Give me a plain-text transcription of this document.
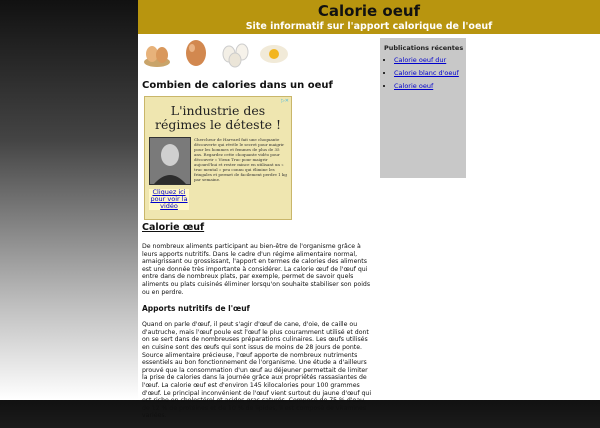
Calorie oeuf
Site informatif sur l'apport calorique de l'oeuf
Combien de calories dans un oeuf
▷✕
L'industrie des régimes le déteste !
Chercheur de Harvard fait une choquante découverte qui révèle le secret pour maigrir pour les hommes et femmes de plus de 35 ans. Regardez cette choquante vidéo pour découvrir « Vieux Truc pour maigrir aujourd'hui et rester mince en utilisant un « truc mental » peu connu qui élimine les fringales et permet de facilement perdre 1 kg par semaine.
Cliquez ici pour voir la vidéo
Calorie œuf

De nombreux aliments participant au bien-être de l'organisme grâce à leurs apports nutritifs. Dans le cadre d'un régime alimentaire normal, amaigrissant ou grossissant, l'apport en termes de calories des aliments est une donnée très importante à considérer. La calorie œuf de l'œuf qui entre dans de nombreux plats, par exemple, permet de savoir quels aliments ou plats cuisinés éliminer lorsqu'on souhaite stabiliser son poids ou en perdre.

Apports nutritifs de l'œuf

Quand on parle d'œuf, il peut s'agir d'œuf de cane, d'oie, de caille ou d'autruche, mais l'œuf poule est l'œuf le plus couramment utilisé et dont on se sert dans de nombreuses préparations culinaires. Les œufs utilisés en cuisine sont des œufs qui sont issus de moins de 28 jours de ponte. Source alimentaire précieuse, l'œuf apporte de nombreux nutriments essentiels au bon fonctionnement de l'organisme. Une étude a d'ailleurs prouvé que la consommation d'un œuf au déjeuner permettait de limiter la prise de calories dans la journée grâce aux propriétés rassasiantes de l'œuf. La calorie œuf est d'environ 145 kilocalories pour 100 grammes d'œuf. Le principal inconvénient de l'œuf vient surtout du jaune d'œuf qui est riche en cholestérol et acides gras saturés. Composé de 75 % d'eau, de 12 % de protéines et de 10 % de lipides, il est composé de vitamines variées.

Publications récentes
• Calorie oeuf dur
• Calorie blanc d'oeuf
• Calorie oeuf
